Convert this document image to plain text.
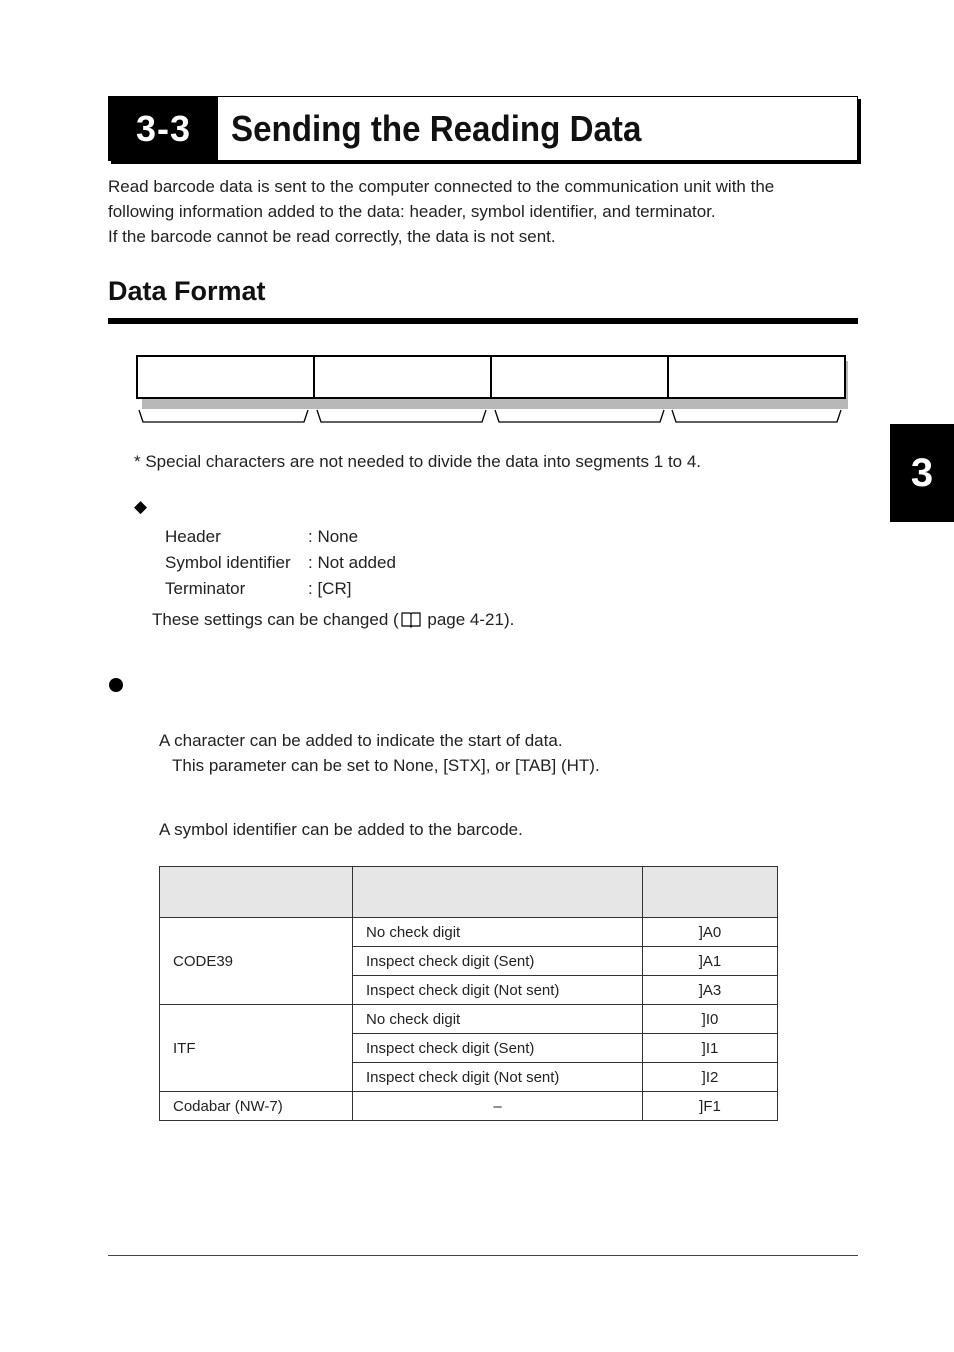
3-3	Sending the Reading Data
Read barcode data is sent to the computer connected to the communication unit with the
following information added to the data: header, symbol identifier, and terminator.
If the barcode cannot be read correctly, the data is not sent.
Data Format
* Special characters are not needed to divide the data into segments 1 to 4.
◆
Header	: None
Symbol identifier : Not added
Terminator	: [CR]
These settings can be changed ( page 4-21).
A character can be added to indicate the start of data.
This parameter can be set to None, [STX], or [TAB] (HT).
A symbol identifier can be added to the barcode.

CODE39	No check digit	]A0
	Inspect check digit (Sent)	]A1
	Inspect check digit (Not sent)	]A3
ITF	No check digit	]I0
	Inspect check digit (Sent)	]I1
	Inspect check digit (Not sent)	]I2
Codabar (NW-7)	–	]F1
3
